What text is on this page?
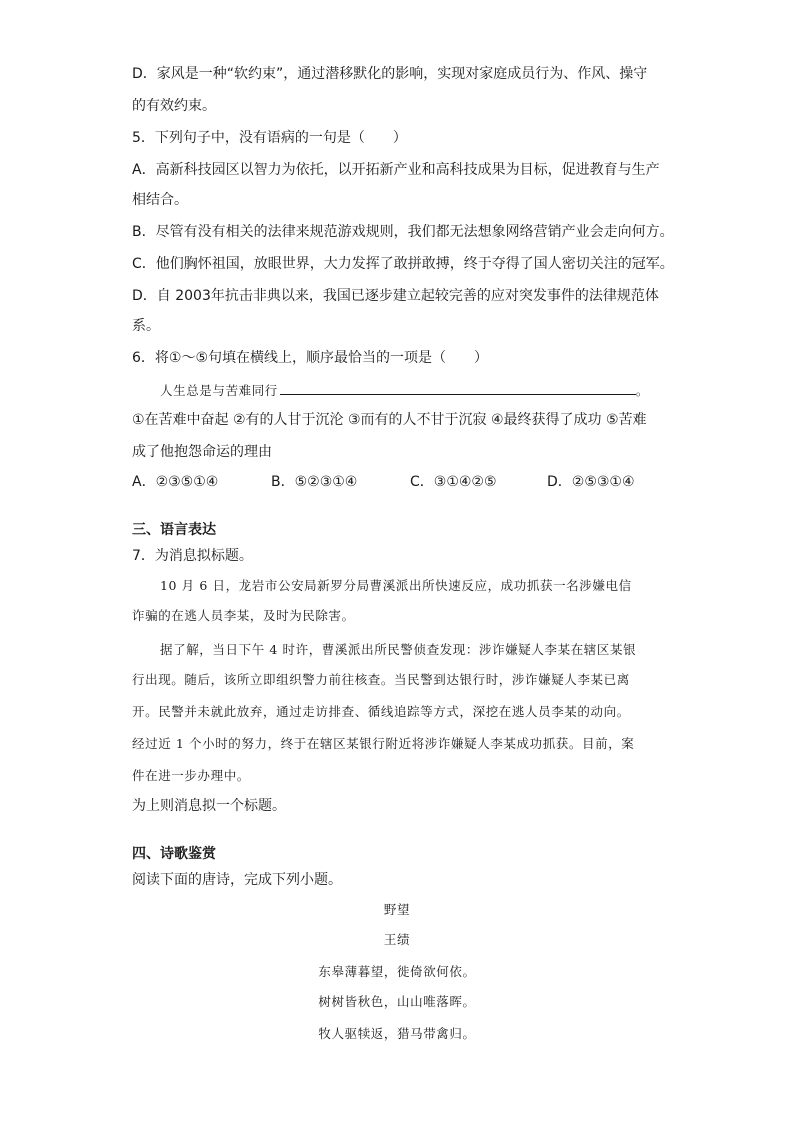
D．家风是一种“软约束”，通过潜移默化的影响，实现对家庭成员行为、作风、操守
的有效约束。
5．下列句子中，没有语病的一句是（　　）
A．高新科技园区以智力为依托，以开拓新产业和高科技成果为目标，促进教育与生产
相结合。
B．尽管有没有相关的法律来规范游戏规则，我们都无法想象网络营销产业会走向何方。
C．他们胸怀祖国，放眼世界，大力发挥了敢拼敢搏，终于夺得了国人密切关注的冠军。
D．自 2003年抗击非典以来，我国已逐步建立起较完善的应对突发事件的法律规范体
系。
6．将①～⑤句填在横线上，顺序最恰当的一项是（　　）
人生总是与苦难同行	。
①在苦难中奋起 ②有的人甘于沉沦 ③而有的人不甘于沉寂 ④最终获得了成功 ⑤苦难
成了他抱怨命运的理由
A．②③⑤①④	B．⑤②③①④	C．③①④②⑤	D．②⑤③①④
三、语言表达
7．为消息拟标题。
10 月 6 日，龙岩市公安局新罗分局曹溪派出所快速反应，成功抓获一名涉嫌电信
诈骗的在逃人员李某，及时为民除害。
据了解，当日下午 4 时许，曹溪派出所民警侦查发现：涉诈嫌疑人李某在辖区某银
行出现。随后，该所立即组织警力前往核查。当民警到达银行时，涉诈嫌疑人李某已离
开。民警并未就此放弃，通过走访排查、循线追踪等方式，深挖在逃人员李某的动向。
经过近 1 个小时的努力，终于在辖区某银行附近将涉诈嫌疑人李某成功抓获。目前，案
件在进一步办理中。
为上则消息拟一个标题。
四、诗歌鉴赏
阅读下面的唐诗，完成下列小题。
野望
王绩
东皋薄暮望，徙倚欲何依。
树树皆秋色，山山唯落晖。
牧人驱犊返，猎马带禽归。
